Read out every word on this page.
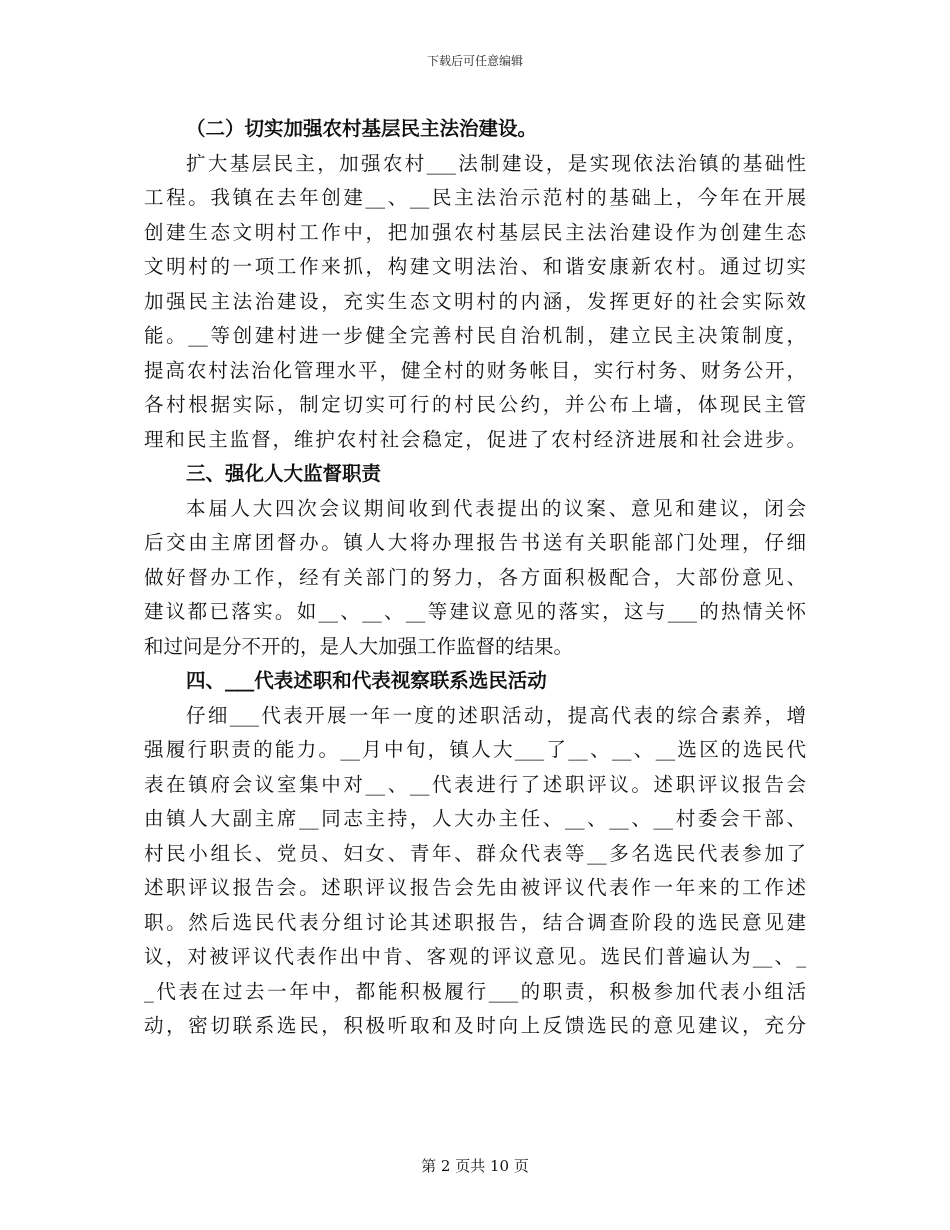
下载后可任意编辑
（二）切实加强农村基层民主法治建设。
扩大基层民主，加强农村___法制建设，是实现依法治镇的基础性
工程。我镇在去年创建__、__民主法治示范村的基础上，今年在开展
创建生态文明村工作中，把加强农村基层民主法治建设作为创建生态
文明村的一项工作来抓，构建文明法治、和谐安康新农村。通过切实
加强民主法治建设，充实生态文明村的内涵，发挥更好的社会实际效
能。__等创建村进一步健全完善村民自治机制，建立民主决策制度，
提高农村法治化管理水平，健全村的财务帐目，实行村务、财务公开，
各村根据实际，制定切实可行的村民公约，并公布上墙，体现民主管
理和民主监督，维护农村社会稳定，促进了农村经济进展和社会进步。
三、强化人大监督职责
本届人大四次会议期间收到代表提出的议案、意见和建议，闭会
后交由主席团督办。镇人大将办理报告书送有关职能部门处理，仔细
做好督办工作，经有关部门的努力，各方面积极配合，大部份意见、
建议都已落实。如__、__、__等建议意见的落实，这与___的热情关怀
和过问是分不开的，是人大加强工作监督的结果。
四、___代表述职和代表视察联系选民活动
仔细___代表开展一年一度的述职活动，提高代表的综合素养，增
强履行职责的能力。__月中旬，镇人大___了__、__、__选区的选民代
表在镇府会议室集中对__、__代表进行了述职评议。述职评议报告会
由镇人大副主席__同志主持，人大办主任、__、__、__村委会干部、
村民小组长、党员、妇女、青年、群众代表等__多名选民代表参加了
述职评议报告会。述职评议报告会先由被评议代表作一年来的工作述
职。然后选民代表分组讨论其述职报告，结合调查阶段的选民意见建
议，对被评议代表作出中肯、客观的评议意见。选民们普遍认为__、_
_代表在过去一年中，都能积极履行___的职责，积极参加代表小组活
动，密切联系选民，积极听取和及时向上反馈选民的意见建议，充分
第 2 页共 10 页
